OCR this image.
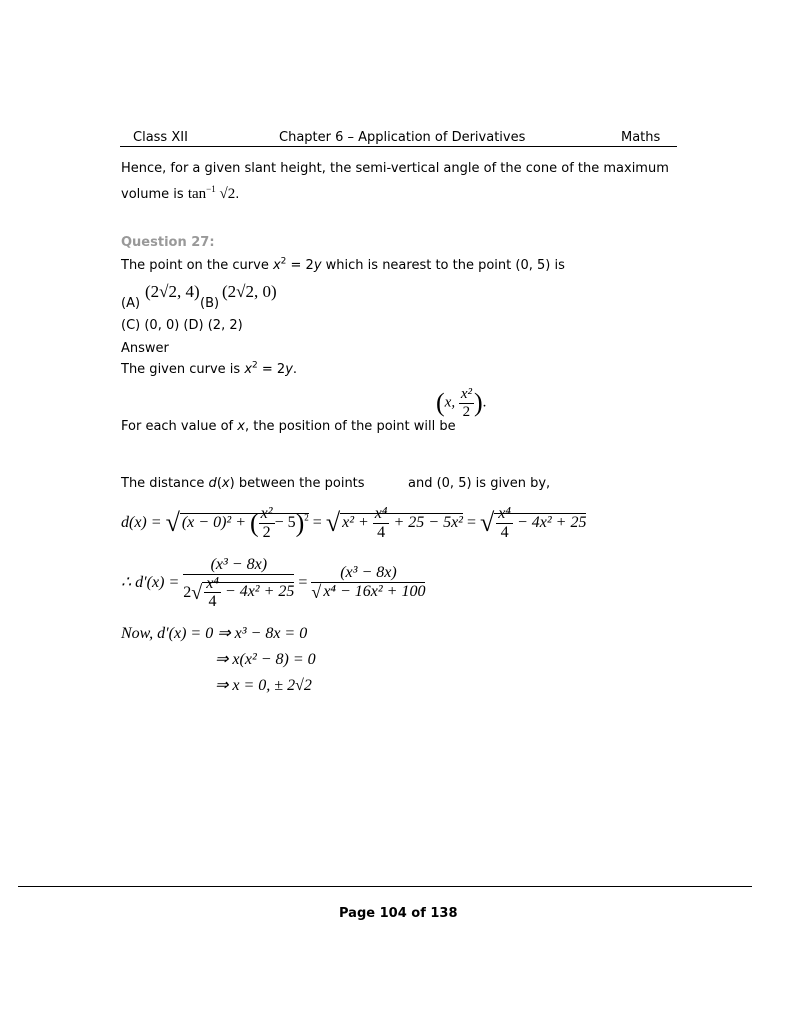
Class XII	Chapter 6 – Application of Derivatives	Maths
Hence, for a given slant height, the semi-vertical angle of the cone of the maximum
volume is $\tan^{-1} √2$.
Question 27:
The point on the curve $x^2 = 2y$ which is nearest to the point (0, 5) is
(A)
(2√2, 4)
(B)
(2√2, 0)
(C) (0, 0) (D) (2, 2)
Answer
The given curve is $x^2 = 2y$.
For each value of x, the position of the point will be
(x, $\frac{\text{x²}}{2}$ ).
The distance d(x) between the points	and (0, 5) is given by,
d(x) = √ (x − 0)² + ( $\frac{\text{x²}}{2} - 5)^2$ = √ $x^2 + \frac{\text{x⁴}}{4} + 25 - 5x^2$ = √ $\frac{\text{x⁴}}{4} - 4x^2 + 25$
∴ $d'(x) = \frac{\text{(x³ − 8x)}}{2√ \frac{\text{x⁴}}{4} - 4x^2 + 25} = \frac{\text{(x³ − 8x)}}{\text{√ x⁴ − 16x² + 100}}$
Now, d′(x) = 0 ⇒ x³ − 8x = 0
⇒ x(x² − 8) = 0
⇒ x = 0, ± 2√2
Page 104 of 138
